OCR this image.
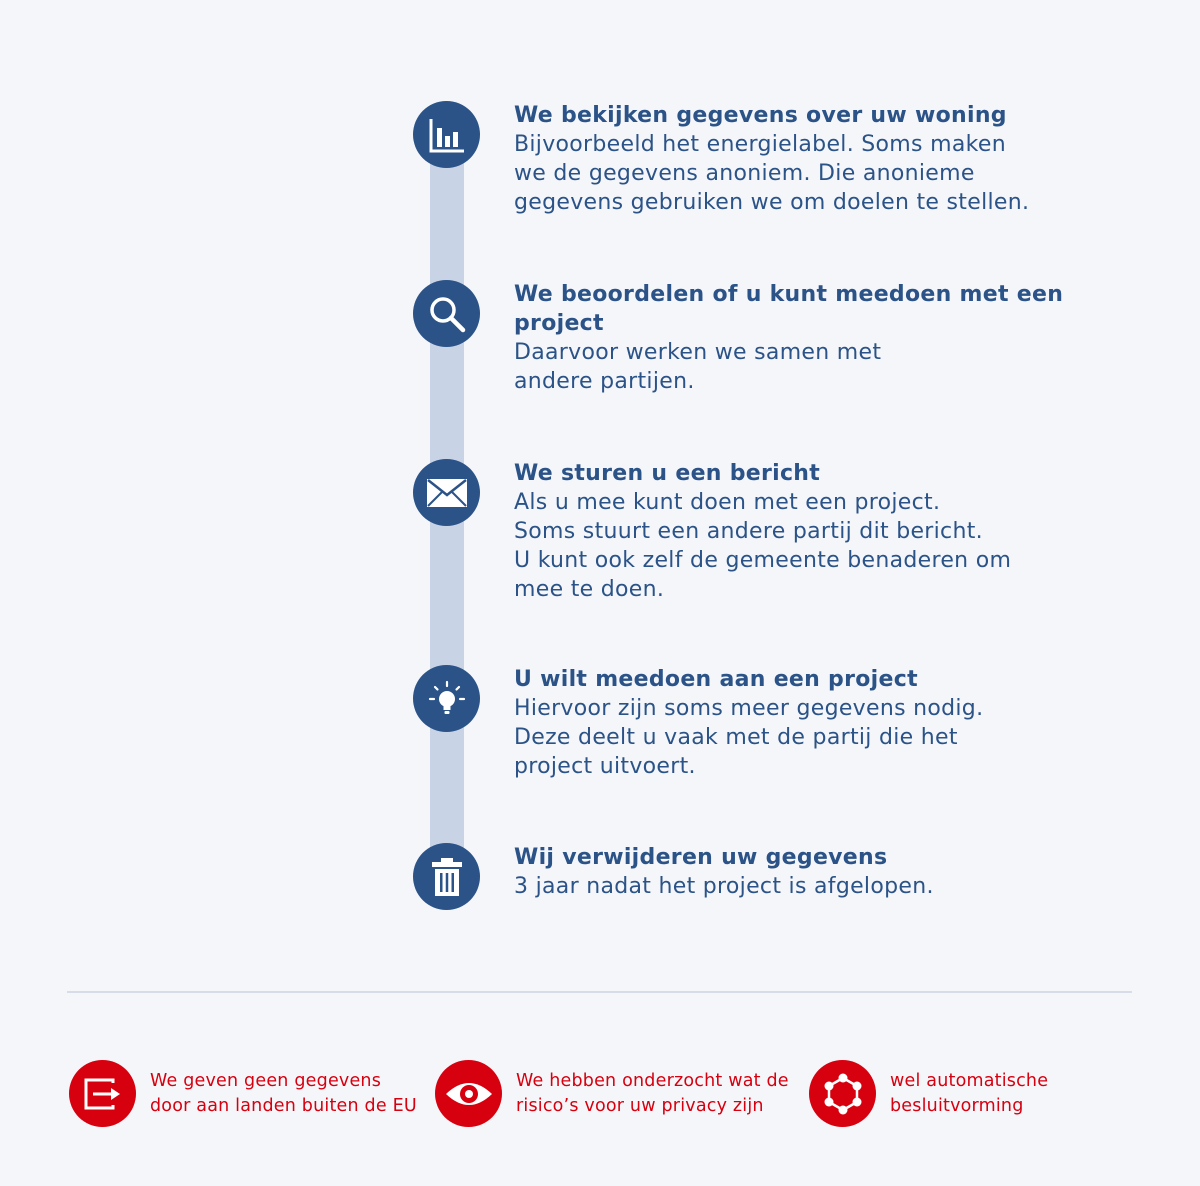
We bekijken gegevens over uw woning

Bijvoorbeeld het energielabel. Soms maken
we de gegevens anoniem. Die anonieme
gegevens gebruiken we om doelen te stellen.

We beoordelen of u kunt meedoen met een project

Daarvoor werken we samen met
andere partijen.

We sturen u een bericht

Als u mee kunt doen met een project.
Soms stuurt een andere partij dit bericht.
U kunt ook zelf de gemeente benaderen om
mee te doen.

U wilt meedoen aan een project

Hiervoor zijn soms meer gegevens nodig.
Deze deelt u vaak met de partij die het
project uitvoert.

Wij verwijderen uw gegevens

3 jaar nadat het project is afgelopen.

We geven geen gegevens
door aan landen buiten de EU
We hebben onderzocht wat de
risico’s voor uw privacy zijn
wel automatische
besluitvorming
